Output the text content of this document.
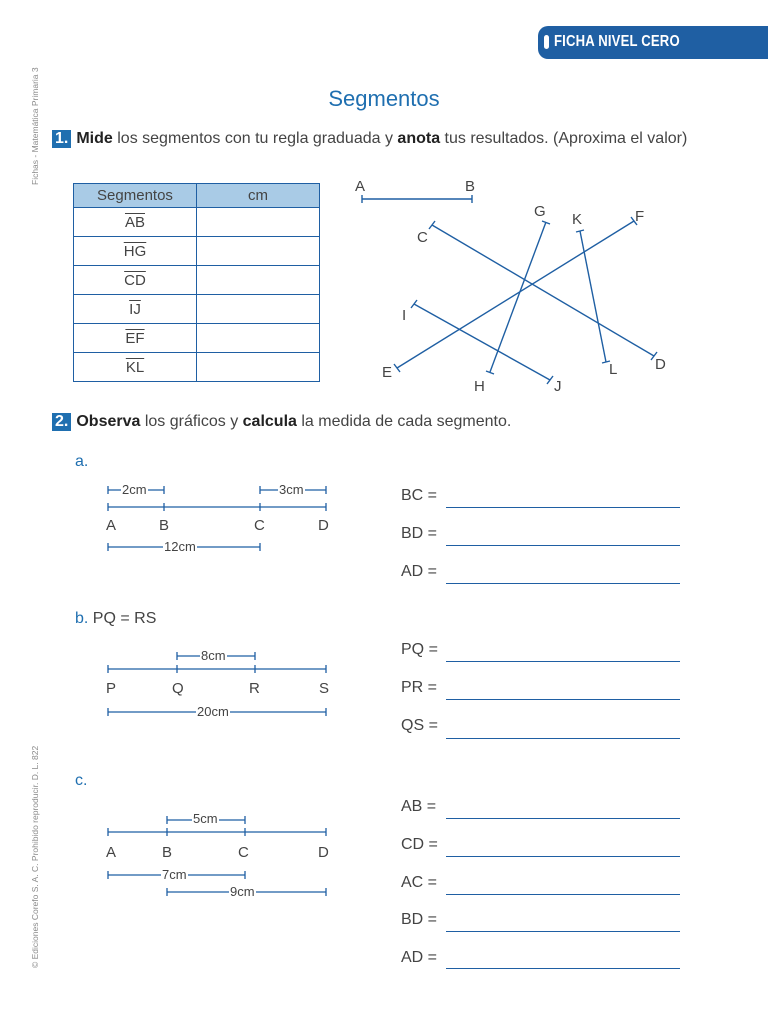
FICHA NIVEL CERO
Fichas - Matemática Primaria 3
© Ediciones Corefo S. A. C. Prohibido reproducir. D. L. 822
Segmentos
1. Mide los segmentos con tu regla graduada y anota tus resultados. (Aproxima el valor)
Segmentos	cm
$\overline{AB}$	
$\overline{HG}$	
$\overline{CD}$	
$\overline{IJ}$	
$\overline{EF}$	
$\overline{KL}$	
A	B
C
D
E
F
G
H
I
J
K
L
2. Observa los gráficos y calcula la medida de cada segmento.
a.
2cm	3cm
12cm
A	B	C	D
BC =
BD =
AD =
b. PQ = RS
8cm
20cm
P	Q	R	S
PQ =
PR =
QS =
c.
5cm
7cm
9cm
A	B	C	D
AB =
CD =
AC =
BD =
AD =
